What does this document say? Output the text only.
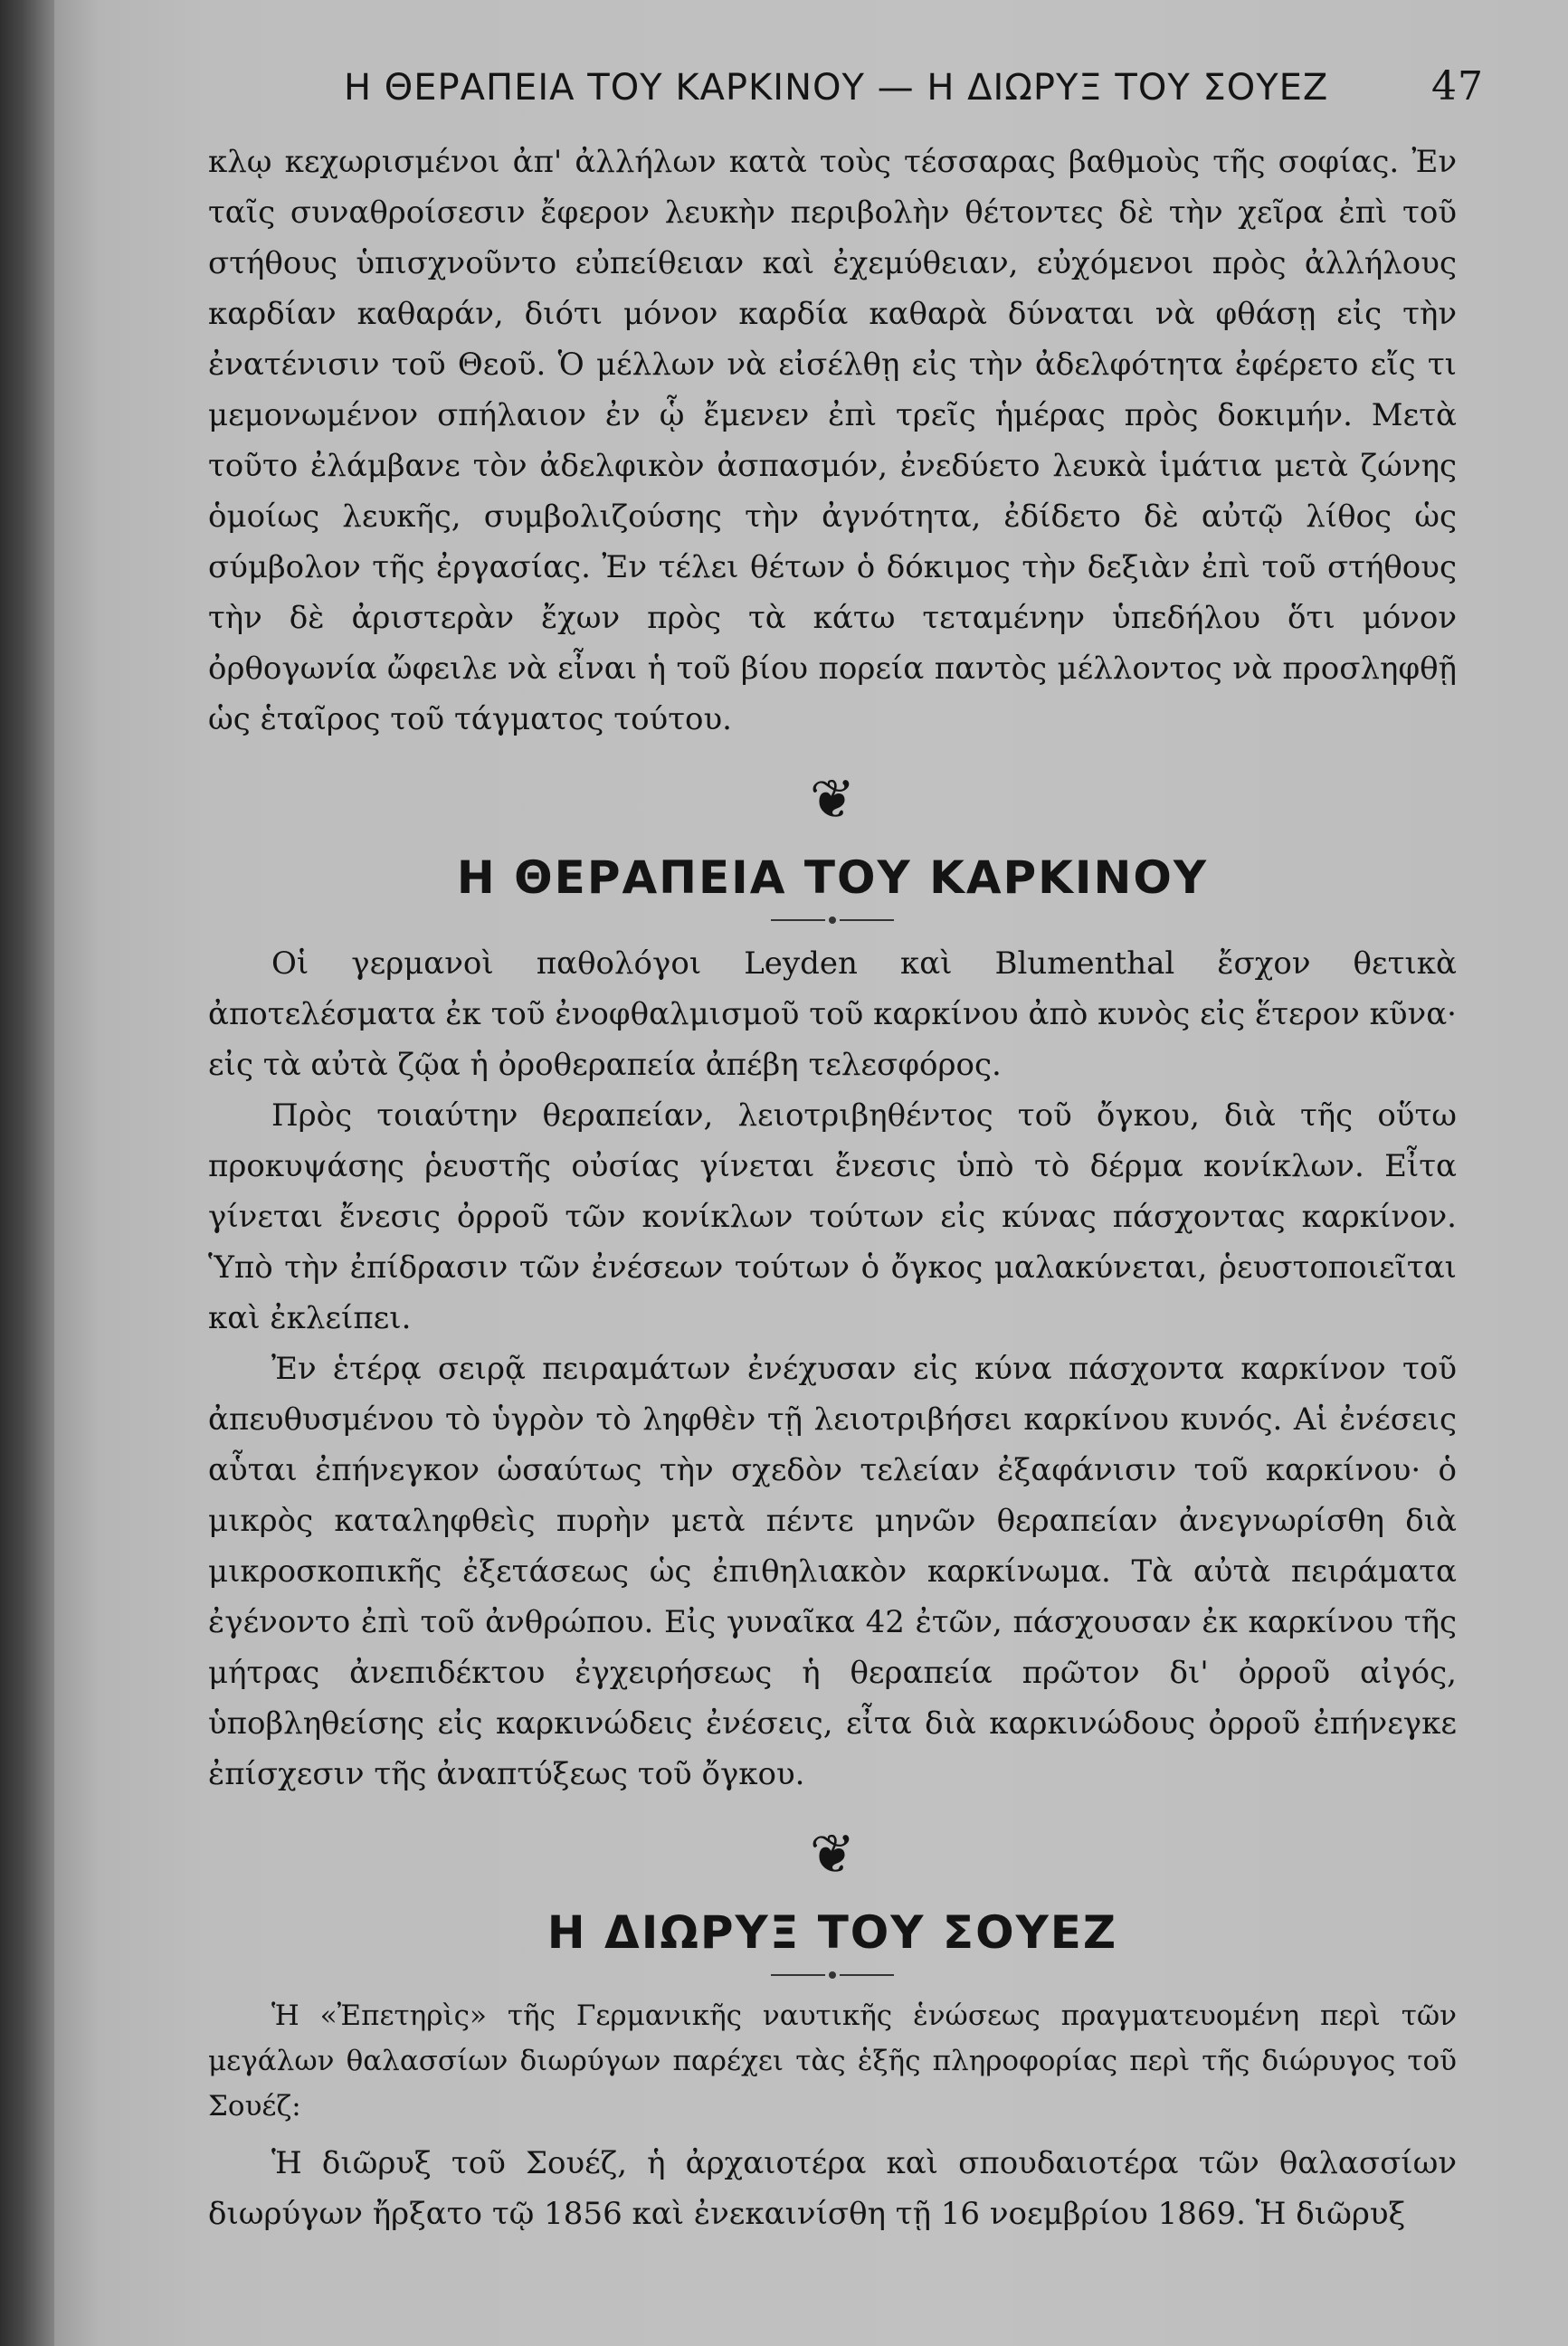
Η ΘΕΡΑΠΕΙΑ ΤΟΥ ΚΑΡΚΙΝΟΥ — Η ΔΙΩΡΥΞ ΤΟΥ ΣΟΥΕΖ	47

κλῳ κεχωρισμένοι ἀπ' ἀλλήλων κατὰ τοὺς τέσσαρας βαθμοὺς τῆς σοφίας. Ἐν ταῖς συναθροίσεσιν ἔφερον λευκὴν περιβολὴν θέτοντες δὲ τὴν χεῖρα ἐπὶ τοῦ στήθους ὑπισχνοῦντο εὐπείθειαν καὶ ἐχεμύθειαν, εὐχόμενοι πρὸς ἀλλήλους καρδίαν καθαράν, διότι μόνον καρδία καθαρὰ δύναται νὰ φθάσῃ εἰς τὴν ἐνατένισιν τοῦ Θεοῦ. Ὁ μέλλων νὰ εἰσέλθῃ εἰς τὴν ἀδελφότητα ἐφέρετο εἴς τι μεμονωμένον σπήλαιον ἐν ᾧ ἔμενεν ἐπὶ τρεῖς ἡμέρας πρὸς δοκιμήν. Μετὰ τοῦτο ἐλάμβανε τὸν ἀδελφικὸν ἀσπασμόν, ἐνεδύετο λευκὰ ἱμάτια μετὰ ζώνης ὁμοίως λευκῆς, συμβολιζούσης τὴν ἀγνότητα, ἐδίδετο δὲ αὐτῷ λίθος ὡς σύμβολον τῆς ἐργασίας. Ἐν τέλει θέτων ὁ δόκιμος τὴν δεξιὰν ἐπὶ τοῦ στήθους τὴν δὲ ἀριστερὰν ἔχων πρὸς τὰ κάτω τεταμένην ὑπεδήλου ὅτι μόνον ὀρθογωνία ὤφειλε νὰ εἶναι ἡ τοῦ βίου πορεία παντὸς μέλλοντος νὰ προσληφθῇ ὡς ἑταῖρος τοῦ τάγματος τούτου.

❦
Η ΘΕΡΑΠΕΙΑ ΤΟΥ ΚΑΡΚΙΝΟΥ

Οἱ γερμανοὶ παθολόγοι Leyden καὶ Blumenthal ἔσχον θετικὰ ἀποτελέσματα ἐκ τοῦ ἐνοφθαλμισμοῦ τοῦ καρκίνου ἀπὸ κυνὸς εἰς ἕτερον κῦνα· εἰς τὰ αὐτὰ ζῷα ἡ ὀροθεραπεία ἀπέβη τελεσφόρος.

Πρὸς τοιαύτην θεραπείαν, λειοτριβηθέντος τοῦ ὄγκου, διὰ τῆς οὕτω προκυψάσης ῥευστῆς οὐσίας γίνεται ἔνεσις ὑπὸ τὸ δέρμα κονίκλων. Εἶτα γίνεται ἔνεσις ὀρροῦ τῶν κονίκλων τούτων εἰς κύνας πάσχοντας καρκίνον. Ὑπὸ τὴν ἐπίδρασιν τῶν ἐνέσεων τούτων ὁ ὄγκος μαλακύνεται, ῥευστοποιεῖται καὶ ἐκλείπει.

Ἐν ἑτέρᾳ σειρᾷ πειραμάτων ἐνέχυσαν εἰς κύνα πάσχοντα καρκίνον τοῦ ἀπευθυσμένου τὸ ὑγρὸν τὸ ληφθὲν τῇ λειοτριβήσει καρκίνου κυνός. Αἱ ἐνέσεις αὗται ἐπήνεγκον ὡσαύτως τὴν σχεδὸν τελείαν ἐξαφάνισιν τοῦ καρκίνου· ὁ μικρὸς καταληφθεὶς πυρὴν μετὰ πέντε μηνῶν θεραπείαν ἀνεγνωρίσθη διὰ μικροσκοπικῆς ἐξετάσεως ὡς ἐπιθηλιακὸν καρκίνωμα. Τὰ αὐτὰ πειράματα ἐγένοντο ἐπὶ τοῦ ἀνθρώπου. Εἰς γυναῖκα 42 ἐτῶν, πάσχουσαν ἐκ καρκίνου τῆς μήτρας ἀνεπιδέκτου ἐγχειρήσεως ἡ θεραπεία πρῶτον δι' ὀρροῦ αἰγός, ὑποβληθείσης εἰς καρκινώδεις ἐνέσεις, εἶτα διὰ καρκινώδους ὀρροῦ ἐπήνεγκε ἐπίσχεσιν τῆς ἀναπτύξεως τοῦ ὄγκου.

❦
Η ΔΙΩΡΥΞ ΤΟΥ ΣΟΥΕΖ

Ἡ «Ἐπετηρὶς» τῆς Γερμανικῆς ναυτικῆς ἑνώσεως πραγματευομένη περὶ τῶν μεγάλων θαλασσίων διωρύγων παρέχει τὰς ἑξῆς πληροφορίας περὶ τῆς διώρυγος τοῦ Σουέζ:

Ἡ διῶρυξ τοῦ Σουέζ, ἡ ἀρχαιοτέρα καὶ σπουδαιοτέρα τῶν θαλασσίων διωρύγων ἤρξατο τῷ 1856 καὶ ἐνεκαινίσθη τῇ 16 νοεμβρίου 1869. Ἡ διῶρυξ
